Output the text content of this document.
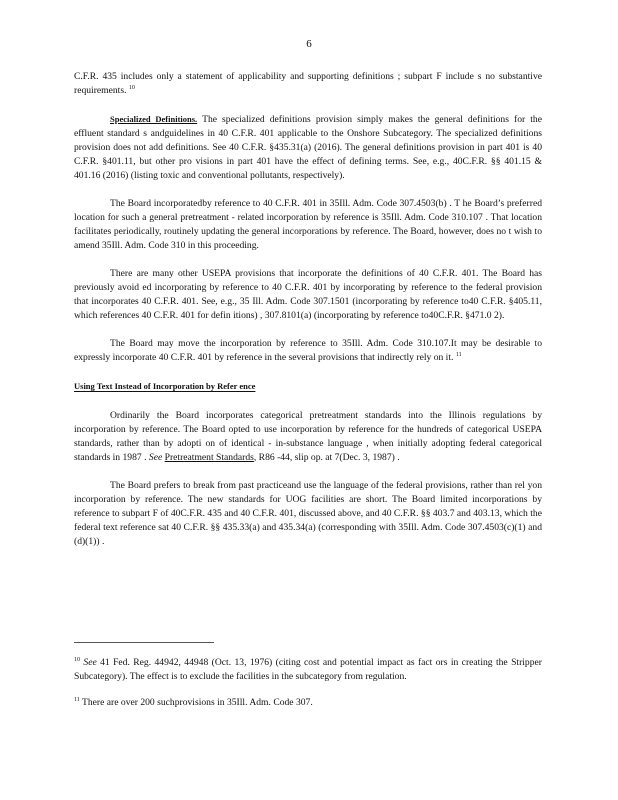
6

C.F.R. 435 includes only a statement of applicability and supporting definitions ; subpart F include s no substantive requirements. $^{10}$

Specialized Definitions. The specialized definitions provision simply makes the general definitions for the effluent standard s andguidelines in 40 C.F.R. 401 applicable to the Onshore Subcategory. The specialized definitions provision does not add definitions. See 40 C.F.R. §435.31(a) (2016). The general definitions provision in part 401 is 40 C.F.R. §401.11, but other pro visions in part 401 have the effect of defining terms. See, e.g., 40C.F.R. §§ 401.15 & 401.16 (2016) (listing toxic and conventional pollutants, respectively).

The Board incorporatedby reference to 40 C.F.R. 401 in 35Ill. Adm. Code 307.4503(b) . T he Board’s preferred location for such a general pretreatment - related incorporation by reference is 35Ill. Adm. Code 310.107 . That location facilitates periodically, routinely updating the general incorporations by reference. The Board, however, does no t wish to amend 35Ill. Adm. Code 310 in this proceeding.

There are many other USEPA provisions that incorporate the definitions of 40 C.F.R. 401. The Board has previously avoid ed incorporating by reference to 40 C.F.R. 401 by incorporating by reference to the federal provision that incorporates 40 C.F.R. 401. See, e.g., 35 Ill. Adm. Code 307.1501 (incorporating by reference to40 C.F.R. §405.11, which references 40 C.F.R. 401 for defin itions) , 307.8101(a) (incorporating by reference to40C.F.R. §471.0 2).

The Board may move the incorporation by reference to 35Ill. Adm. Code 310.107.It may be desirable to expressly incorporate 40 C.F.R. 401 by reference in the several provisions that indirectly rely on it. $^{11}$

Using Text Instead of Incorporation by Refer ence

Ordinarily the Board incorporates categorical pretreatment standards into the Illinois regulations by incorporation by reference. The Board opted to use incorporation by reference for the hundreds of categorical USEPA standards, rather than by adopti on of identical - in-substance language , when initially adopting federal categorical standards in 1987 . See Pretreatment Standards, R86 -44, slip op. at 7(Dec. 3, 1987) .

The Board prefers to break from past practiceand use the language of the federal provisions, rather than rel yon incorporation by reference. The new standards for UOG facilities are short. The Board limited incorporations by reference to subpart F of 40C.F.R. 435 and 40 C.F.R. 401, discussed above, and 40 C.F.R. §§ 403.7 and 403.13, which the federal text reference sat 40 C.F.R. §§ 435.33(a) and 435.34(a) (corresponding with 35Ill. Adm. Code 307.4503(c)(1) and (d)(1)) .

$^{10}$ See 41 Fed. Reg. 44942, 44948 (Oct. 13, 1976) (citing cost and potential impact as fact ors in creating the Stripper Subcategory). The effect is to exclude the facilities in the subcategory from regulation.

$^{11}$ There are over 200 suchprovisions in 35Ill. Adm. Code 307.
